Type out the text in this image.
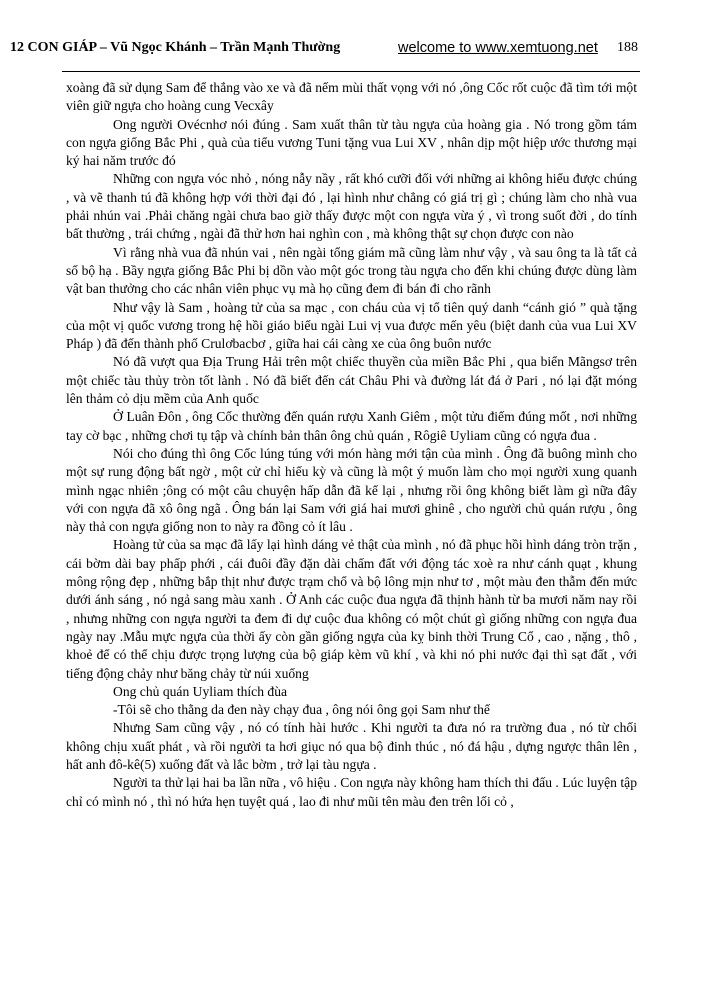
12 CON GIÁP – Vũ Ngọc Khánh – Trần Mạnh Thường	welcome to www.xemtuong.net 188

xoàng đã sử dụng Sam để thắng vào xe và đã nếm mùi thất vọng với nó ,ông Cốc rốt cuộc đã tìm tới một viên giữ ngựa cho hoàng cung Vecxây

Ong người Ovécnhơ nói đúng . Sam xuất thân từ tàu ngựa của hoàng gia . Nó trong gồm tám con ngựa giống Bắc Phi , quà của tiểu vương Tuni tặng vua Lui XV , nhân dịp một hiệp ước thương mại ký hai năm trước đó

Những con ngựa vóc nhỏ , nóng nẫy nầy , rất khó cưỡi đối với những ai không hiểu được chúng , và vẽ thanh tú đã không hợp với thời đại đó , lại hình như chẳng có giá trị gì ; chúng làm cho nhà vua phải nhún vai .Phải chăng ngài chưa bao giờ thấy được một con ngựa vừa ý , vì trong suốt đời , do tính bất thường , trái chứng , ngài đã thử hơn hai nghìn con , mà không thật sự chọn được con nào

Vì rằng nhà vua đã nhún vai , nên ngài tổng giám mã cũng làm như vậy , và sau ông ta là tất cả số bộ hạ . Bầy ngựa giống Bắc Phi bị dồn vào một góc trong tàu ngựa cho đến khi chúng được dùng làm vật ban thưởng cho các nhân viên phục vụ mà họ cũng đem đi bán đi cho rãnh

Như vậy là Sam , hoàng tử của sa mạc , con cháu của vị tổ tiên quý danh “cánh gió ” quà tặng của một vị quốc vương trong hệ hồi giáo biếu ngài Lui vị vua được mến yêu (biệt danh của vua Lui XV Pháp ) đã đến thành phố Crulơbacbơ , giữa hai cái càng xe của ông buôn nước

Nó đã vượt qua Địa Trung Hải trên một chiếc thuyền của miền Bắc Phi , qua biển Mãngsơ trên một chiếc tàu thủy tròn tốt lành . Nó đã biết đến cát Châu Phi và đường lát đá ở Pari , nó lại đặt móng lên thảm cỏ dịu mềm của Anh quốc

Ở Luân Đôn , ông Cốc thường đến quán rượu Xanh Giêm , một tửu điếm đúng mốt , nơi những tay cờ bạc , những chơi tụ tập và chính bản thân ông chủ quán , Rôgiê Uyliam cũng có ngựa đua .

Nói cho đúng thì ông Cốc lúng túng với món hàng mới tận của mình . Ông đã buông mình cho một sự rung động bất ngờ , một cử chỉ hiếu kỳ và cũng là một ý muốn làm cho mọi người xung quanh mình ngạc nhiên ;ông có một câu chuyện hấp dẫn đã kể lại , nhưng rồi ông không biết làm gì nữa đây với con ngựa đã xô ông ngã . Ông bán lại Sam với giá hai mươi ghinê , cho người chủ quán rượu , ông này thả con ngựa giống non to này ra đồng cỏ ít lâu .

Hoàng tử của sa mạc đã lấy lại hình dáng vẻ thật của mình , nó đã phục hồi hình dáng tròn trặn , cái bờm dài bay phấp phới , cái đuôi đầy đặn dài chấm đất với động tác xoè ra như cánh quạt , khung mông rộng đẹp , những bắp thịt như được trạm chổ và bộ lông mịn như tơ , một màu đen thẫm đến mức dưới ánh sáng , nó ngả sang màu xanh . Ở Anh các cuộc đua ngựa đã thịnh hành từ ba mươi năm nay rồi , nhưng những con ngựa người ta đem đi dự cuộc đua không có một chút gì giống những con ngựa đua ngày nay .Mẫu mực ngựa của thời ấy còn gần giống ngựa của kỵ binh thời Trung Cổ , cao , nặng , thô , khoẻ để có thể chịu được trọng lượng của bộ giáp kèm vũ khí , và khi nó phi nước đại thì sạt đất , với tiếng động chảy như băng chảy từ núi xuống

Ong chủ quán Uyliam thích đùa

-Tôi sẽ cho thằng da đen này chạy đua , ông nói ông gọi Sam như thế

Nhưng Sam cũng vậy , nó có tính hài hước . Khi người ta đưa nó ra trường đua , nó từ chối không chịu xuất phát , và rồi người ta hơi giục nó qua bộ đinh thúc , nó đá hậu , dựng ngược thân lên , hất anh đô-kê(5) xuống đất và lắc bờm , trở lại tàu ngựa .

Người ta thử lại hai ba lần nữa , vô hiệu . Con ngựa này không ham thích thi đấu . Lúc luyện tập chỉ có mình nó , thì nó hứa hẹn tuyệt quá , lao đi như mũi tên màu đen trên lối cỏ ,
